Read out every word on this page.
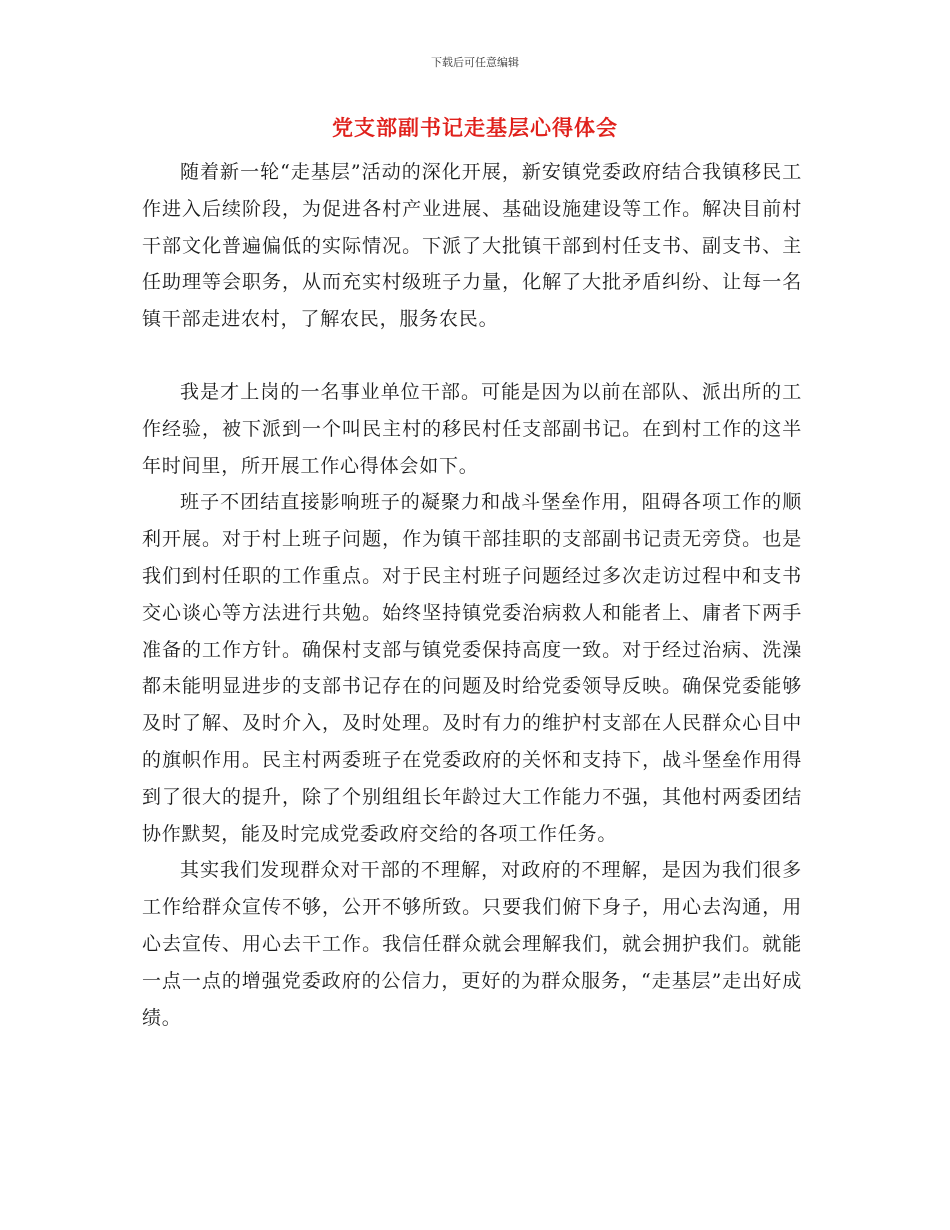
下载后可任意编辑
党支部副书记走基层心得体会

随着新一轮“走基层”活动的深化开展，新安镇党委政府结合我镇移民工作进入后续阶段，为促进各村产业进展、基础设施建设等工作。解决目前村干部文化普遍偏低的实际情况。下派了大批镇干部到村任支书、副支书、主任助理等会职务，从而充实村级班子力量，化解了大批矛盾纠纷、让每一名镇干部走进农村，了解农民，服务农民。

我是才上岗的一名事业单位干部。可能是因为以前在部队、派出所的工作经验，被下派到一个叫民主村的移民村任支部副书记。在到村工作的这半年时间里，所开展工作心得体会如下。

班子不团结直接影响班子的凝聚力和战斗堡垒作用，阻碍各项工作的顺利开展。对于村上班子问题，作为镇干部挂职的支部副书记责无旁贷。也是我们到村任职的工作重点。对于民主村班子问题经过多次走访过程中和支书交心谈心等方法进行共勉。始终坚持镇党委治病救人和能者上、庸者下两手准备的工作方针。确保村支部与镇党委保持高度一致。对于经过治病、洗澡都未能明显进步的支部书记存在的问题及时给党委领导反映。确保党委能够及时了解、及时介入，及时处理。及时有力的维护村支部在人民群众心目中的旗帜作用。民主村两委班子在党委政府的关怀和支持下，战斗堡垒作用得到了很大的提升，除了个别组组长年龄过大工作能力不强，其他村两委团结协作默契，能及时完成党委政府交给的各项工作任务。

其实我们发现群众对干部的不理解，对政府的不理解，是因为我们很多工作给群众宣传不够，公开不够所致。只要我们俯下身子，用心去沟通，用心去宣传、用心去干工作。我信任群众就会理解我们，就会拥护我们。就能一点一点的增强党委政府的公信力，更好的为群众服务，“走基层”走出好成绩。
